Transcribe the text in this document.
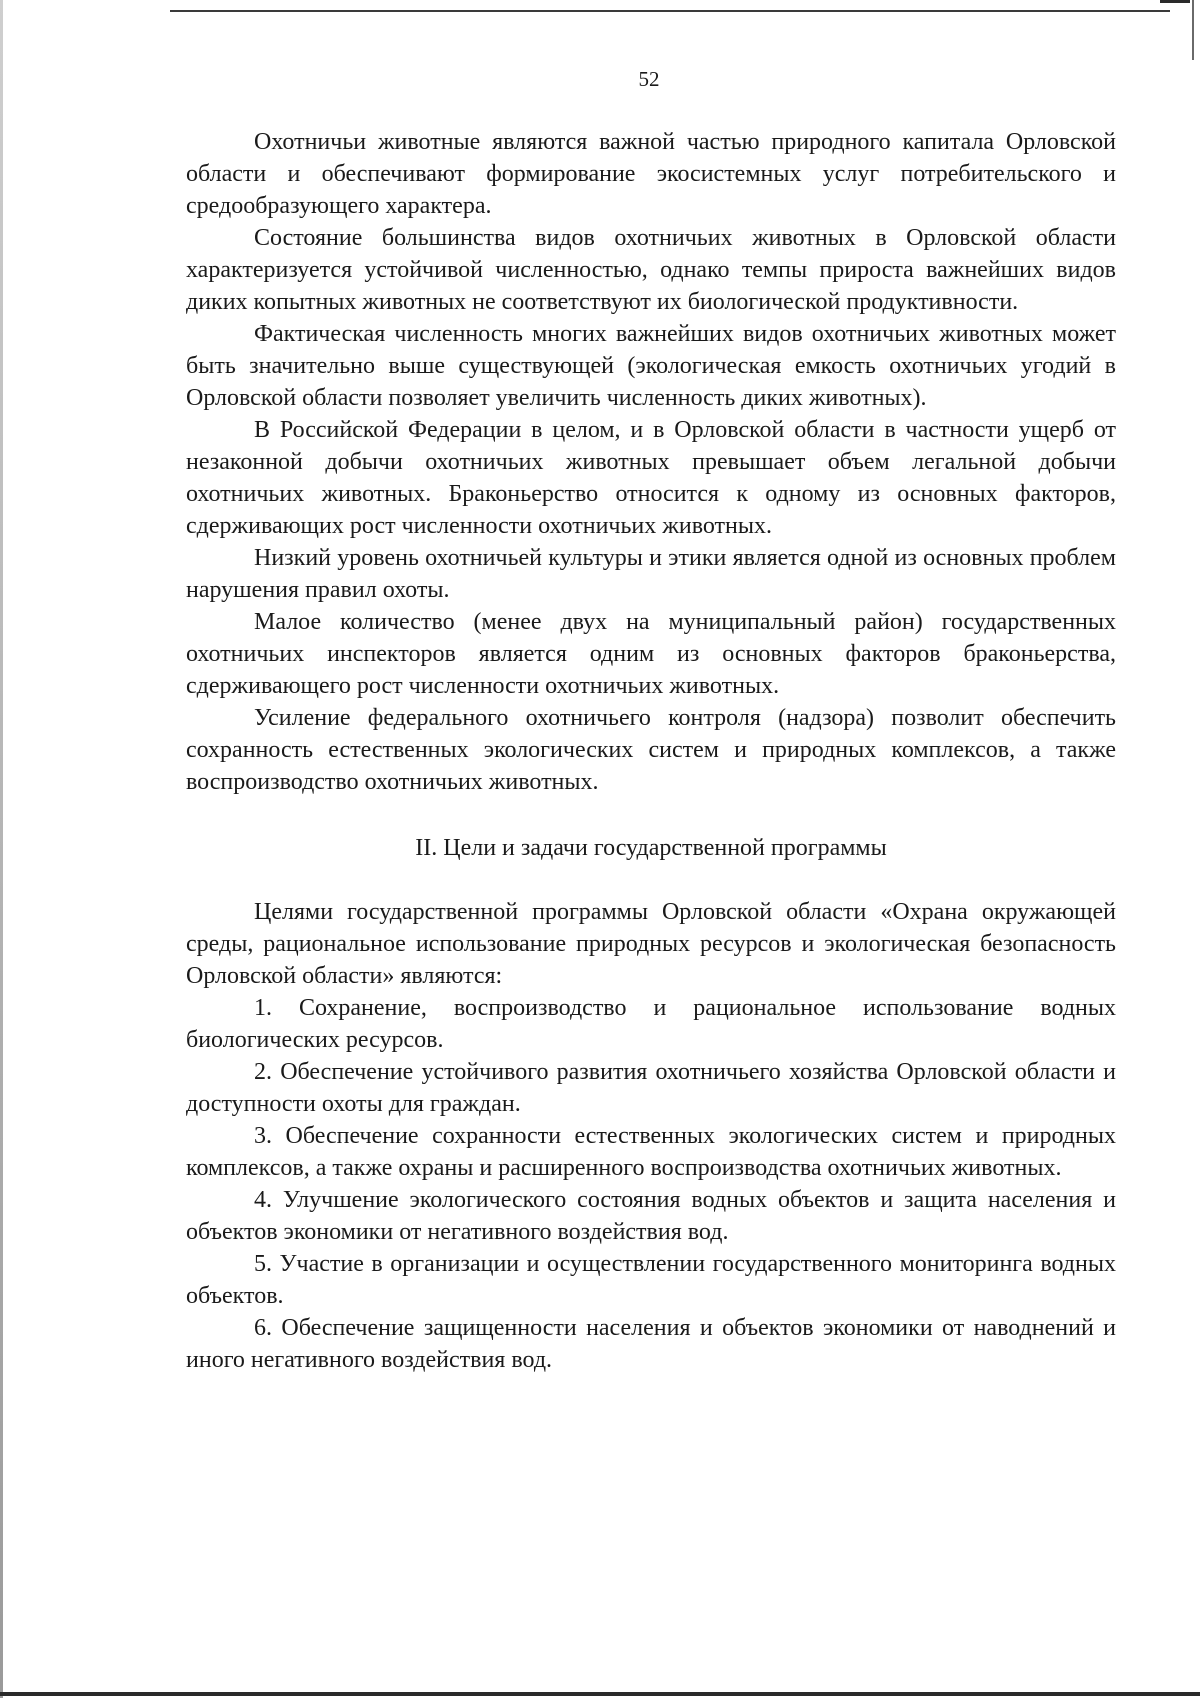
52

Охотничьи животные являются важной частью природного капитала Орловской области и обеспечивают формирование экосистемных услуг потребительского и средообразующего характера.

Состояние большинства видов охотничьих животных в Орловской области характеризуется устойчивой численностью, однако темпы прироста важнейших видов диких копытных животных не соответствуют их биологической продуктивности.

Фактическая численность многих важнейших видов охотничьих животных может быть значительно выше существующей (экологическая емкость охотничьих угодий в Орловской области позволяет увеличить численность диких животных).

В Российской Федерации в целом, и в Орловской области в частности ущерб от незаконной добычи охотничьих животных превышает объем легальной добычи охотничьих животных. Браконьерство относится к одному из основных факторов, сдерживающих рост численности охотничьих животных.

Низкий уровень охотничьей культуры и этики является одной из основных проблем нарушения правил охоты.

Малое количество (менее двух на муниципальный район) государственных охотничьих инспекторов является одним из основных факторов браконьерства, сдерживающего рост численности охотничьих животных.

Усиление федерального охотничьего контроля (надзора) позволит обеспечить сохранность естественных экологических систем и природных комплексов, а также воспроизводство охотничьих животных.

II. Цели и задачи государственной программы

Целями государственной программы Орловской области «Охрана окружающей среды, рациональное использование природных ресурсов и экологическая безопасность Орловской области» являются:

1. Сохранение, воспроизводство и рациональное использование водных биологических ресурсов.

2. Обеспечение устойчивого развития охотничьего хозяйства Орловской области и доступности охоты для граждан.

3. Обеспечение сохранности естественных экологических систем и природных комплексов, а также охраны и расширенного воспроизводства охотничьих животных.

4. Улучшение экологического состояния водных объектов и защита населения и объектов экономики от негативного воздействия вод.

5. Участие в организации и осуществлении государственного мониторинга водных объектов.

6. Обеспечение защищенности населения и объектов экономики от наводнений и иного негативного воздействия вод.
